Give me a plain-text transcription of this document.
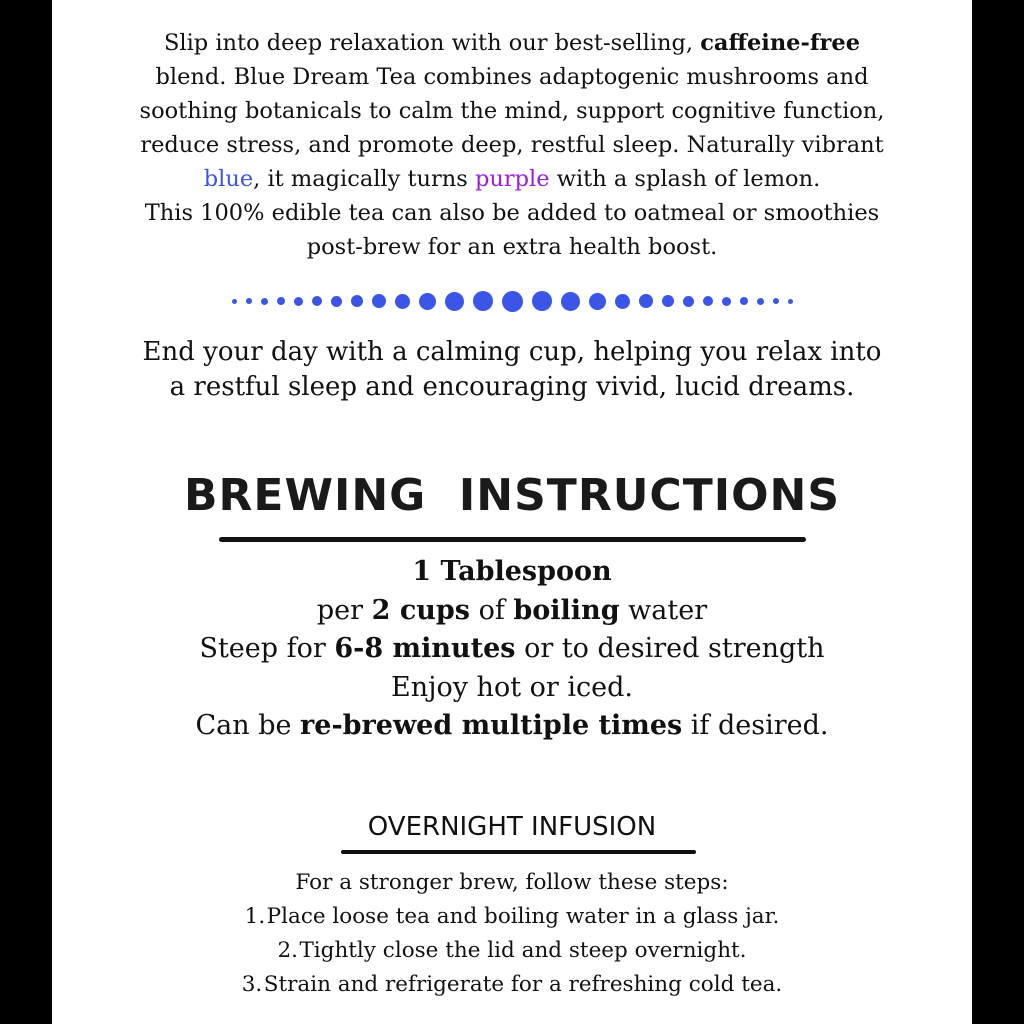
Slip into deep relaxation with our best-selling, caffeine-free
blend. Blue Dream Tea combines adaptogenic mushrooms and
soothing botanicals to calm the mind, support cognitive function,
reduce stress, and promote deep, restful sleep. Naturally vibrant
blue, it magically turns purple with a splash of lemon.
This 100% edible tea can also be added to oatmeal or smoothies
post-brew for an extra health boost.
End your day with a calming cup, helping you relax into
a restful sleep and encouraging vivid, lucid dreams.
BREWING  INSTRUCTIONS
1 Tablespoon
per 2 cups of boiling water
Steep for 6-8 minutes or to desired strength
Enjoy hot or iced.
Can be re-brewed multiple times if desired.
OVERNIGHT INFUSION
For a stronger brew, follow these steps:
1.Place loose tea and boiling water in a glass jar.
2.Tightly close the lid and steep overnight.
3.Strain and refrigerate for a refreshing cold tea.
